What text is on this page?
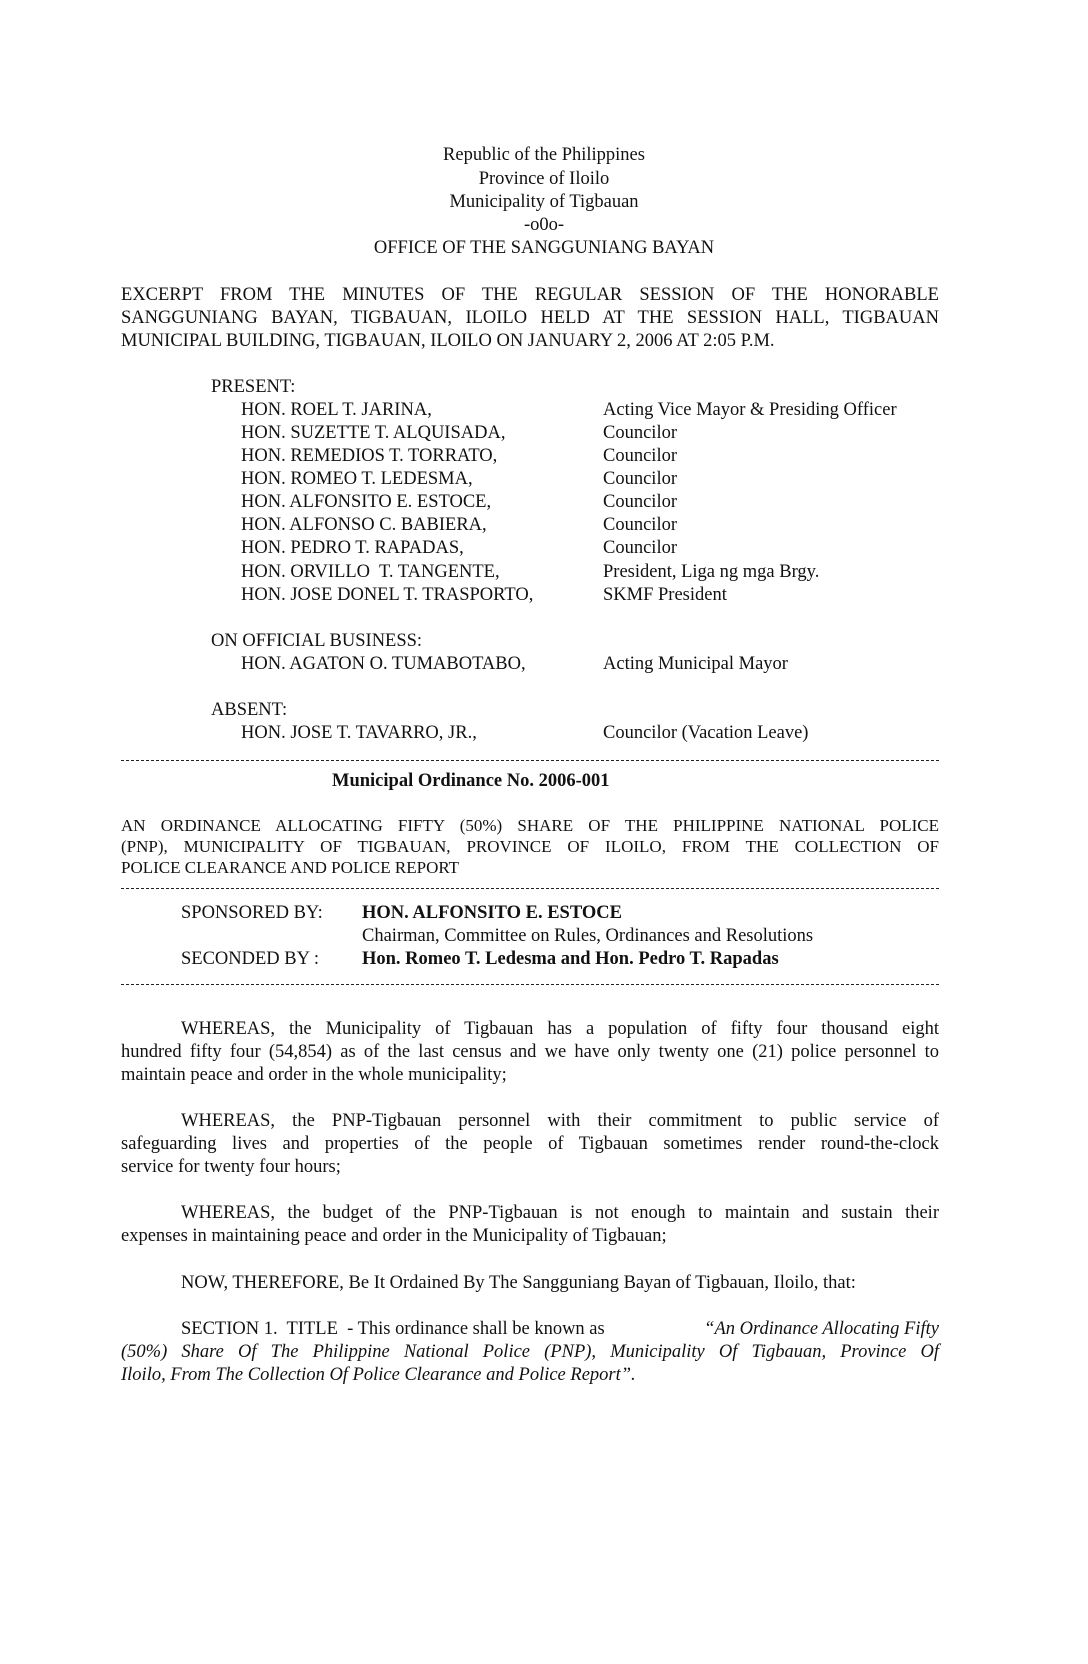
Republic of the Philippines
Province of Iloilo
Municipality of Tigbauan
-o0o-
OFFICE OF THE SANGGUNIANG BAYAN
EXCERPT FROM THE MINUTES OF THE REGULAR SESSION OF THE HONORABLE
SANGGUNIANG BAYAN, TIGBAUAN, ILOILO HELD AT THE SESSION HALL, TIGBAUAN
MUNICIPAL BUILDING, TIGBAUAN, ILOILO ON JANUARY 2, 2006 AT 2:05 P.M.
PRESENT:
HON. ROEL T. JARINA,	Acting Vice Mayor & Presiding Officer
HON. SUZETTE T. ALQUISADA,	Councilor
HON. REMEDIOS T. TORRATO,	Councilor
HON. ROMEO T. LEDESMA,	Councilor
HON. ALFONSITO E. ESTOCE,	Councilor
HON. ALFONSO C. BABIERA,	Councilor
HON. PEDRO T. RAPADAS,	Councilor
HON. ORVILLO  T. TANGENTE,	President, Liga ng mga Brgy.
HON. JOSE DONEL T. TRASPORTO,	SKMF President
ON OFFICIAL BUSINESS:
HON. AGATON O. TUMABOTABO,	Acting Municipal Mayor
ABSENT:
HON. JOSE T. TAVARRO, JR.,	Councilor (Vacation Leave)
Municipal Ordinance No. 2006-001
AN ORDINANCE ALLOCATING FIFTY (50%) SHARE OF THE PHILIPPINE NATIONAL POLICE
(PNP), MUNICIPALITY OF TIGBAUAN, PROVINCE OF ILOILO, FROM THE COLLECTION OF
POLICE CLEARANCE AND POLICE REPORT
SPONSORED BY: HON. ALFONSITO E. ESTOCE
Chairman, Committee on Rules, Ordinances and Resolutions
SECONDED BY : Hon. Romeo T. Ledesma and Hon. Pedro T. Rapadas
WHEREAS, the Municipality of Tigbauan has a population of fifty four thousand eight
hundred fifty four (54,854) as of the last census and we have only twenty one (21) police personnel to
maintain peace and order in the whole municipality;
WHEREAS, the PNP-Tigbauan personnel with their commitment to public service of
safeguarding lives and properties of the people of Tigbauan sometimes render round-the-clock
service for twenty four hours;
WHEREAS, the budget of the PNP-Tigbauan is not enough to maintain and sustain their
expenses in maintaining peace and order in the Municipality of Tigbauan;
NOW, THEREFORE, Be It Ordained By The Sangguniang Bayan of Tigbauan, Iloilo, that:
SECTION 1.  TITLE  - This ordinance shall be known as	“An Ordinance Allocating Fifty
(50%) Share Of The Philippine National Police (PNP), Municipality Of Tigbauan, Province Of
Iloilo, From The Collection Of Police Clearance and Police Report”.
